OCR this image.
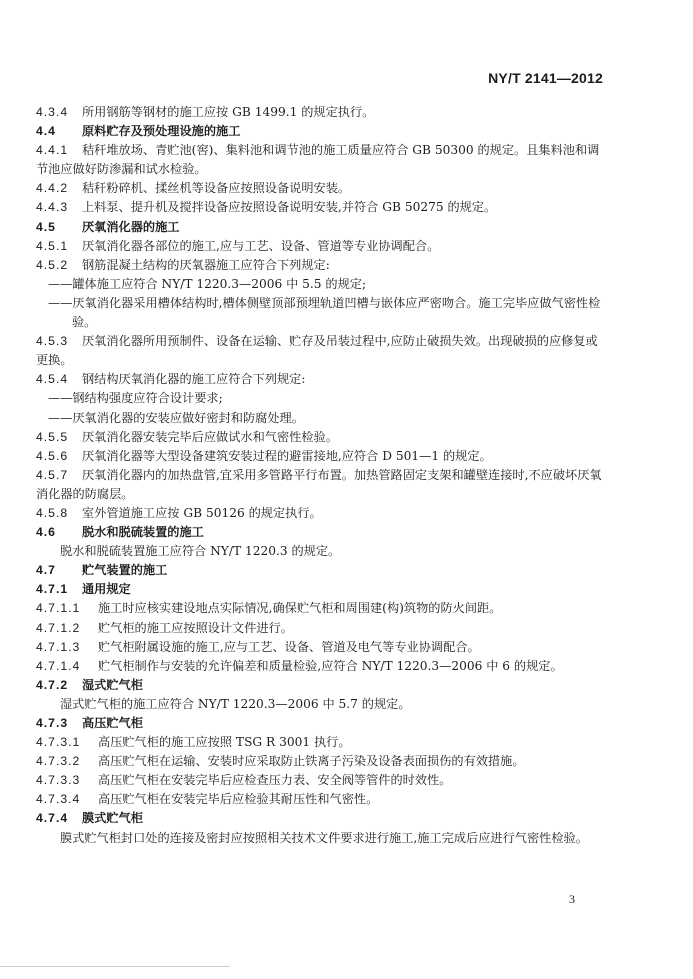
NY/T 2141—2012
4.3.4 所用钢筋等钢材的施工应按 GB 1499.1 的规定执行。
4.4 原料贮存及预处理设施的施工
4.4.1 秸秆堆放场、青贮池(窖)、集料池和调节池的施工质量应符合 GB 50300 的规定。且集料池和调节池应做好防渗漏和试水检验。
4.4.2 秸秆粉碎机、揉丝机等设备应按照设备说明安装。
4.4.3 上料泵、提升机及搅拌设备应按照设备说明安装,并符合 GB 50275 的规定。
4.5 厌氧消化器的施工
4.5.1 厌氧消化器各部位的施工,应与工艺、设备、管道等专业协调配合。
4.5.2 钢筋混凝土结构的厌氧器施工应符合下列规定:
——罐体施工应符合 NY/T 1220.3—2006 中 5.5 的规定;
——厌氧消化器采用槽体结构时,槽体侧壁顶部预埋轨道凹槽与嵌体应严密吻合。施工完毕应做气密性检验。
4.5.3 厌氧消化器所用预制件、设备在运输、贮存及吊装过程中,应防止破损失效。出现破损的应修复或更换。
4.5.4 钢结构厌氧消化器的施工应符合下列规定:
——钢结构强度应符合设计要求;
——厌氧消化器的安装应做好密封和防腐处理。
4.5.5 厌氧消化器安装完毕后应做试水和气密性检验。
4.5.6 厌氧消化器等大型设备建筑安装过程的避雷接地,应符合 D 501—1 的规定。
4.5.7 厌氧消化器内的加热盘管,宜采用多管路平行布置。加热管路固定支架和罐壁连接时,不应破坏厌氧消化器的防腐层。
4.5.8 室外管道施工应按 GB 50126 的规定执行。
4.6 脱水和脱硫装置的施工
脱水和脱硫装置施工应符合 NY/T 1220.3 的规定。
4.7 贮气装置的施工
4.7.1 通用规定
4.7.1.1 施工时应核实建设地点实际情况,确保贮气柜和周围建(构)筑物的防火间距。
4.7.1.2 贮气柜的施工应按照设计文件进行。
4.7.1.3 贮气柜附属设施的施工,应与工艺、设备、管道及电气等专业协调配合。
4.7.1.4 贮气柜制作与安装的允许偏差和质量检验,应符合 NY/T 1220.3—2006 中 6 的规定。
4.7.2 湿式贮气柜
湿式贮气柜的施工应符合 NY/T 1220.3—2006 中 5.7 的规定。
4.7.3 高压贮气柜
4.7.3.1 高压贮气柜的施工应按照 TSG R 3001 执行。
4.7.3.2 高压贮气柜在运输、安装时应采取防止铁离子污染及设备表面损伤的有效措施。
4.7.3.3 高压贮气柜在安装完毕后应检查压力表、安全阀等管件的时效性。
4.7.3.4 高压贮气柜在安装完毕后应检验其耐压性和气密性。
4.7.4 膜式贮气柜
膜式贮气柜封口处的连接及密封应按照相关技术文件要求进行施工,施工完成后应进行气密性检验。
3
